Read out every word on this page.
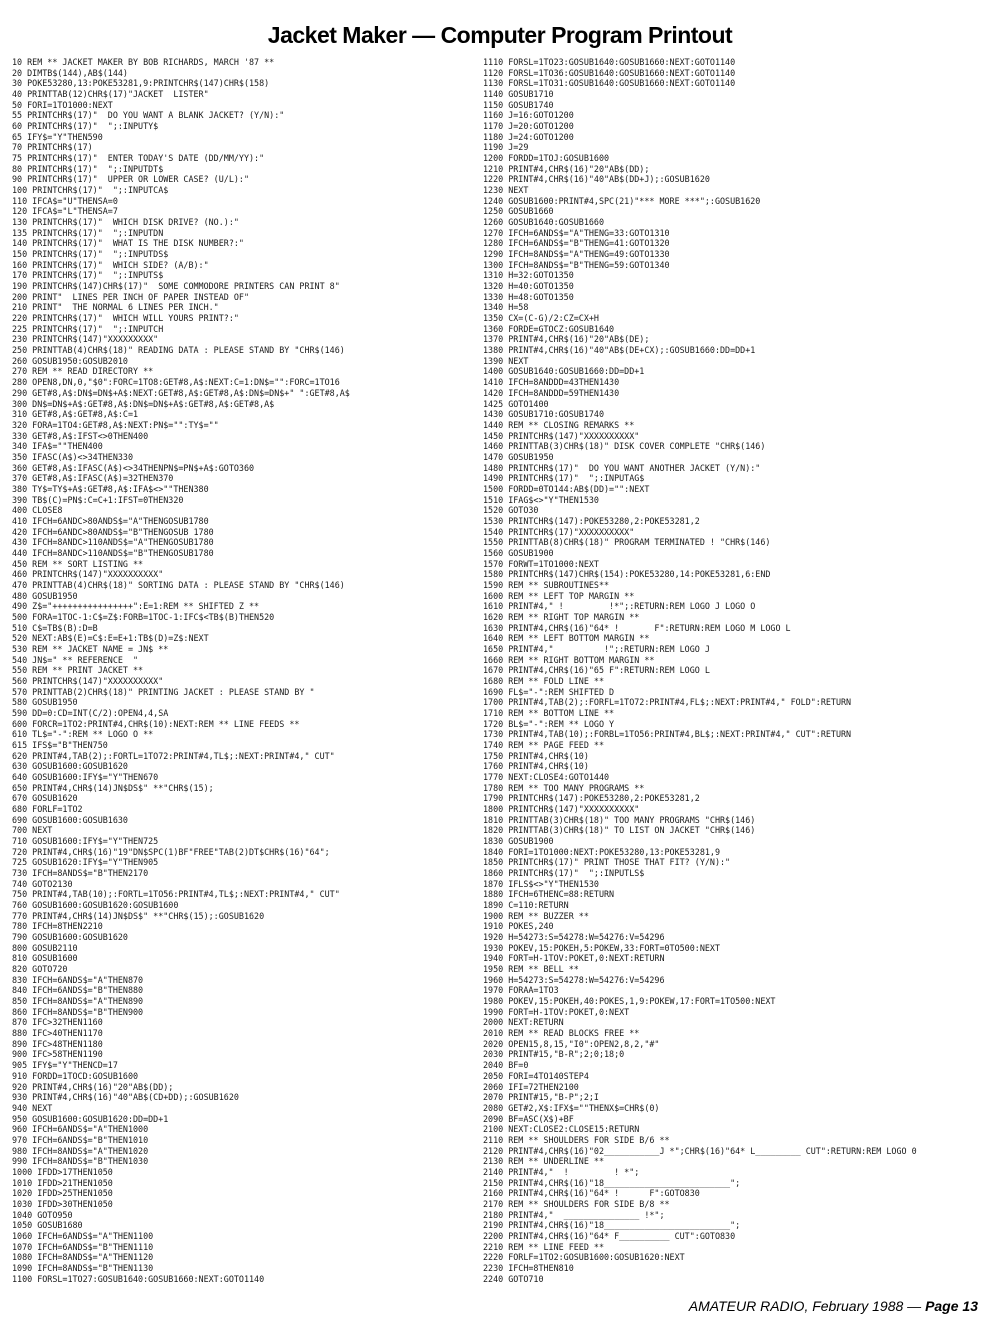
Jacket Maker — Computer Program Printout
10 REM ** JACKET MAKER BY BOB RICHARDS, MARCH '87 **
20 DIMTB$(144),AB$(144)
30 POKE53280,13:POKE53281,9:PRINTCHR$(147)CHR$(158)
40 PRINTTAB(12)CHR$(17)"JACKET  LISTER"
50 FORI=1TO1000:NEXT
55 PRINTCHR$(17)"  DO YOU WANT A BLANK JACKET? (Y/N):"
60 PRINTCHR$(17)"  ";:INPUTY$
65 IFY$="Y"THEN590
70 PRINTCHR$(17)
75 PRINTCHR$(17)"  ENTER TODAY'S DATE (DD/MM/YY):"
80 PRINTCHR$(17)"  ";:INPUTDT$
90 PRINTCHR$(17)"  UPPER OR LOWER CASE? (U/L):"
100 PRINTCHR$(17)"  ";:INPUTCA$
110 IFCA$="U"THENSA=0
120 IFCA$="L"THENSA=7
130 PRINTCHR$(17)"  WHICH DISK DRIVE? (NO.):"
135 PRINTCHR$(17)"  ";:INPUTDN
140 PRINTCHR$(17)"  WHAT IS THE DISK NUMBER?:"
150 PRINTCHR$(17)"  ";:INPUTDS$
160 PRINTCHR$(17)"  WHICH SIDE? (A/B):"
170 PRINTCHR$(17)"  ";:INPUTS$
190 PRINTCHR$(147)CHR$(17)"  SOME COMMODORE PRINTERS CAN PRINT 8"
200 PRINT"  LINES PER INCH OF PAPER INSTEAD OF"
210 PRINT"  THE NORMAL 6 LINES PER INCH."
220 PRINTCHR$(17)"  WHICH WILL YOURS PRINT?:"
225 PRINTCHR$(17)"  ";:INPUTCH
230 PRINTCHR$(147)"XXXXXXXXX"
250 PRINTTAB(4)CHR$(18)" READING DATA : PLEASE STAND BY "CHR$(146)
260 GOSUB1950:GOSUB2010
270 REM ** READ DIRECTORY **
280 OPEN8,DN,0,"$0":FORC=1TO8:GET#8,A$:NEXT:C=1:DN$="":FORC=1TO16
290 GET#8,A$:DN$=DN$+A$:NEXT:GET#8,A$:GET#8,A$:DN$=DN$+" ":GET#8,A$
300 DN$=DN$+A$:GET#8,A$:DN$=DN$+A$:GET#8,A$:GET#8,A$
310 GET#8,A$:GET#8,A$:C=1
320 FORA=1TO4:GET#8,A$:NEXT:PN$="":TY$=""
330 GET#8,A$:IFST<>0THEN400
340 IFA$=""THEN400
350 IFASC(A$)<>34THEN330
360 GET#8,A$:IFASC(A$)<>34THENPN$=PN$+A$:GOTO360
370 GET#8,A$:IFASC(A$)=32THEN370
380 TY$=TY$+A$:GET#8,A$:IFA$<>""THEN380
390 TB$(C)=PN$:C=C+1:IFST=0THEN320
400 CLOSE8
410 IFCH=6ANDC>80ANDS$="A"THENGOSUB1780
420 IFCH=6ANDC>80ANDS$="B"THENGOSUB 1780
430 IFCH=8ANDC>110ANDS$="A"THENGOSUB1780
440 IFCH=8ANDC>110ANDS$="B"THENGOSUB1780
450 REM ** SORT LISTING **
460 PRINTCHR$(147)"XXXXXXXXXX"
470 PRINTTAB(4)CHR$(18)" SORTING DATA : PLEASE STAND BY "CHR$(146)
480 GOSUB1950
490 Z$="++++++++++++++++":E=1:REM ** SHIFTED Z **
500 FORA=1TOC-1:C$=Z$:FORB=1TOC-1:IFC$<TB$(B)THEN520
510 C$=TB$(B):D=B
520 NEXT:AB$(E)=C$:E=E+1:TB$(D)=Z$:NEXT
530 REM ** JACKET NAME = JN$ **
540 JN$=" ** REFERENCE  "
550 REM ** PRINT JACKET **
560 PRINTCHR$(147)"XXXXXXXXXX"
570 PRINTTAB(2)CHR$(18)" PRINTING JACKET : PLEASE STAND BY "
580 GOSUB1950
590 DD=0:CD=INT(C/2):OPEN4,4,SA
600 FORCR=1TO2:PRINT#4,CHR$(10):NEXT:REM ** LINE FEEDS **
610 TL$="-":REM ** LOGO O **
615 IFS$="B"THEN750
620 PRINT#4,TAB(2);:FORTL=1TO72:PRINT#4,TL$;:NEXT:PRINT#4," CUT"
630 GOSUB1600:GOSUB1620
640 GOSUB1600:IFY$="Y"THEN670
650 PRINT#4,CHR$(14)JN$DS$" **"CHR$(15);
670 GOSUB1620
680 FORLF=1TO2
690 GOSUB1600:GOSUB1630
700 NEXT
710 GOSUB1600:IFY$="Y"THEN725
720 PRINT#4,CHR$(16)"19"DN$SPC(1)BF"FREE"TAB(2)DT$CHR$(16)"64";
725 GOSUB1620:IFY$="Y"THEN905
730 IFCH=8ANDS$="B"THEN2170
740 GOTO2130
750 PRINT#4,TAB(10);:FORTL=1TO56:PRINT#4,TL$;:NEXT:PRINT#4," CUT"
760 GOSUB1600:GOSUB1620:GOSUB1600
770 PRINT#4,CHR$(14)JN$DS$" **"CHR$(15);:GOSUB1620
780 IFCH=8THEN2210
790 GOSUB1600:GOSUB1620
800 GOSUB2110
810 GOSUB1600
820 GOTO720
830 IFCH=6ANDS$="A"THEN870
840 IFCH=6ANDS$="B"THEN880
850 IFCH=8ANDS$="A"THEN890
860 IFCH=8ANDS$="B"THEN900
870 IFC>32THEN1160
880 IFC>40THEN1170
890 IFC>48THEN1180
900 IFC>58THEN1190
905 IFY$="Y"THENCD=17
910 FORDD=1TOCD:GOSUB1600
920 PRINT#4,CHR$(16)"20"AB$(DD);
930 PRINT#4,CHR$(16)"40"AB$(CD+DD);:GOSUB1620
940 NEXT
950 GOSUB1600:GOSUB1620:DD=DD+1
960 IFCH=6ANDS$="A"THEN1000
970 IFCH=6ANDS$="B"THEN1010
980 IFCH=8ANDS$="A"THEN1020
990 IFCH=8ANDS$="B"THEN1030
1000 IFDD>17THEN1050
1010 IFDD>21THEN1050
1020 IFDD>25THEN1050
1030 IFDD>30THEN1050
1040 GOTO950
1050 GOSUB1680
1060 IFCH=6ANDS$="A"THEN1100
1070 IFCH=6ANDS$="B"THEN1110
1080 IFCH=8ANDS$="A"THEN1120
1090 IFCH=8ANDS$="B"THEN1130
1100 FORSL=1TO27:GOSUB1640:GOSUB1660:NEXT:GOTO1140
1110 FORSL=1TO23:GOSUB1640:GOSUB1660:NEXT:GOTO1140
1120 FORSL=1TO36:GOSUB1640:GOSUB1660:NEXT:GOTO1140
1130 FORSL=1TO31:GOSUB1640:GOSUB1660:NEXT:GOTO1140
1140 GOSUB1710
1150 GOSUB1740
1160 J=16:GOTO1200
1170 J=20:GOTO1200
1180 J=24:GOTO1200
1190 J=29
1200 FORDD=1TOJ:GOSUB1600
1210 PRINT#4,CHR$(16)"20"AB$(DD);
1220 PRINT#4,CHR$(16)"40"AB$(DD+J);:GOSUB1620
1230 NEXT
1240 GOSUB1600:PRINT#4,SPC(21)"*** MORE ***";:GOSUB1620
1250 GOSUB1660
1260 GOSUB1640:GOSUB1660
1270 IFCH=6ANDS$="A"THENG=33:GOTO1310
1280 IFCH=6ANDS$="B"THENG=41:GOTO1320
1290 IFCH=8ANDS$="A"THENG=49:GOTO1330
1300 IFCH=8ANDS$="B"THENG=59:GOTO1340
1310 H=32:GOTO1350
1320 H=40:GOTO1350
1330 H=48:GOTO1350
1340 H=58
1350 CX=(C-G)/2:CZ=CX+H
1360 FORDE=GTOCZ:GOSUB1640
1370 PRINT#4,CHR$(16)"20"AB$(DE);
1380 PRINT#4,CHR$(16)"40"AB$(DE+CX);:GOSUB1660:DD=DD+1
1390 NEXT
1400 GOSUB1640:GOSUB1660:DD=DD+1
1410 IFCH=8ANDDD=43THEN1430
1420 IFCH=8ANDDD=59THEN1430
1425 GOTO1400
1430 GOSUB1710:GOSUB1740
1440 REM ** CLOSING REMARKS **
1450 PRINTCHR$(147)"XXXXXXXXXX"
1460 PRINTTAB(3)CHR$(18)" DISK COVER COMPLETE "CHR$(146)
1470 GOSUB1950
1480 PRINTCHR$(17)"  DO YOU WANT ANOTHER JACKET (Y/N):"
1490 PRINTCHR$(17)"  ";:INPUTAG$
1500 FORDD=0TO144:AB$(DD)="":NEXT
1510 IFAG$<>"Y"THEN1530
1520 GOTO30
1530 PRINTCHR$(147):POKE53280,2:POKE53281,2
1540 PRINTCHR$(17)"XXXXXXXXXX"
1550 PRINTTAB(8)CHR$(18)" PROGRAM TERMINATED ! "CHR$(146)
1560 GOSUB1900
1570 FORWT=1TO1000:NEXT
1580 PRINTCHR$(147)CHR$(154):POKE53280,14:POKE53281,6:END
1590 REM ** SUBROUTINES**
1600 REM ** LEFT TOP MARGIN **
1610 PRINT#4," !         !*";:RETURN:REM LOGO J LOGO O
1620 REM ** RIGHT TOP MARGIN **
1630 PRINT#4,CHR$(16)"64* !       F":RETURN:REM LOGO M LOGO L
1640 REM ** LEFT BOTTOM MARGIN **
1650 PRINT#4,"          !";:RETURN:REM LOGO J
1660 REM ** RIGHT BOTTOM MARGIN **
1670 PRINT#4,CHR$(16)"65 F":RETURN:REM LOGO L
1680 REM ** FOLD LINE **
1690 FL$="-":REM SHIFTED D
1700 PRINT#4,TAB(2);:FORFL=1TO72:PRINT#4,FL$;:NEXT:PRINT#4," FOLD":RETURN
1710 REM ** BOTTOM LINE **
1720 BL$="-":REM ** LOGO Y
1730 PRINT#4,TAB(10);:FORBL=1TO56:PRINT#4,BL$;:NEXT:PRINT#4," CUT":RETURN
1740 REM ** PAGE FEED **
1750 PRINT#4,CHR$(10)
1760 PRINT#4,CHR$(10)
1770 NEXT:CLOSE4:GOTO1440
1780 REM ** TOO MANY PROGRAMS **
1790 PRINTCHR$(147):POKE53280,2:POKE53281,2
1800 PRINTCHR$(147)"XXXXXXXXXX"
1810 PRINTTAB(3)CHR$(18)" TOO MANY PROGRAMS "CHR$(146)
1820 PRINTTAB(3)CHR$(18)" TO LIST ON JACKET "CHR$(146)
1830 GOSUB1900
1840 FORI=1TO1000:NEXT:POKE53280,13:POKE53281,9
1850 PRINTCHR$(17)" PRINT THOSE THAT FIT? (Y/N):"
1860 PRINTCHR$(17)"  ";:INPUTLS$
1870 IFLS$<>"Y"THEN1530
1880 IFCH=6THENC=88:RETURN
1890 C=110:RETURN
1900 REM ** BUZZER **
1910 POKES,240
1920 H=54273:S=54278:W=54276:V=54296
1930 POKEV,15:POKEH,5:POKEW,33:FORT=0TO500:NEXT
1940 FORT=H-1TOV:POKET,0:NEXT:RETURN
1950 REM ** BELL **
1960 H=54273:S=54278:W=54276:V=54296
1970 FORAA=1TO3
1980 POKEV,15:POKEH,40:POKES,1,9:POKEW,17:FORT=1TO500:NEXT
1990 FORT=H-1TOV:POKET,0:NEXT
2000 NEXT:RETURN
2010 REM ** READ BLOCKS FREE **
2020 OPEN15,8,15,"I0":OPEN2,8,2,"#"
2030 PRINT#15,"B-R";2;0;18;0
2040 BF=0
2050 FORI=4TO140STEP4
2060 IFI=72THEN2100
2070 PRINT#15,"B-P";2;I
2080 GET#2,X$:IFX$=""THENX$=CHR$(0)
2090 BF=ASC(X$)+BF
2100 NEXT:CLOSE2:CLOSE15:RETURN
2110 REM ** SHOULDERS FOR SIDE B/6 **
2120 PRINT#4,CHR$(16)"02___________J *";CHR$(16)"64* L_________ CUT":RETURN:REM LOGO 0
2130 REM ** UNDERLINE **
2140 PRINT#4,"  !         ! *";
2150 PRINT#4,CHR$(16)"18_________________________";
2160 PRINT#4,CHR$(16)"64* !      F":GOTO830
2170 REM ** SHOULDERS FOR SIDE B/8 **
2180 PRINT#4,"  _______________ !*";
2190 PRINT#4,CHR$(16)"18_________________________";
2200 PRINT#4,CHR$(16)"64* F__________ CUT":GOTO830
2210 REM ** LINE FEED **
2220 FORLF=1TO2:GOSUB1600:GOSUB1620:NEXT
2230 IFCH=8THEN810
2240 GOTO710
AMATEUR RADIO, February 1988 — Page 13
